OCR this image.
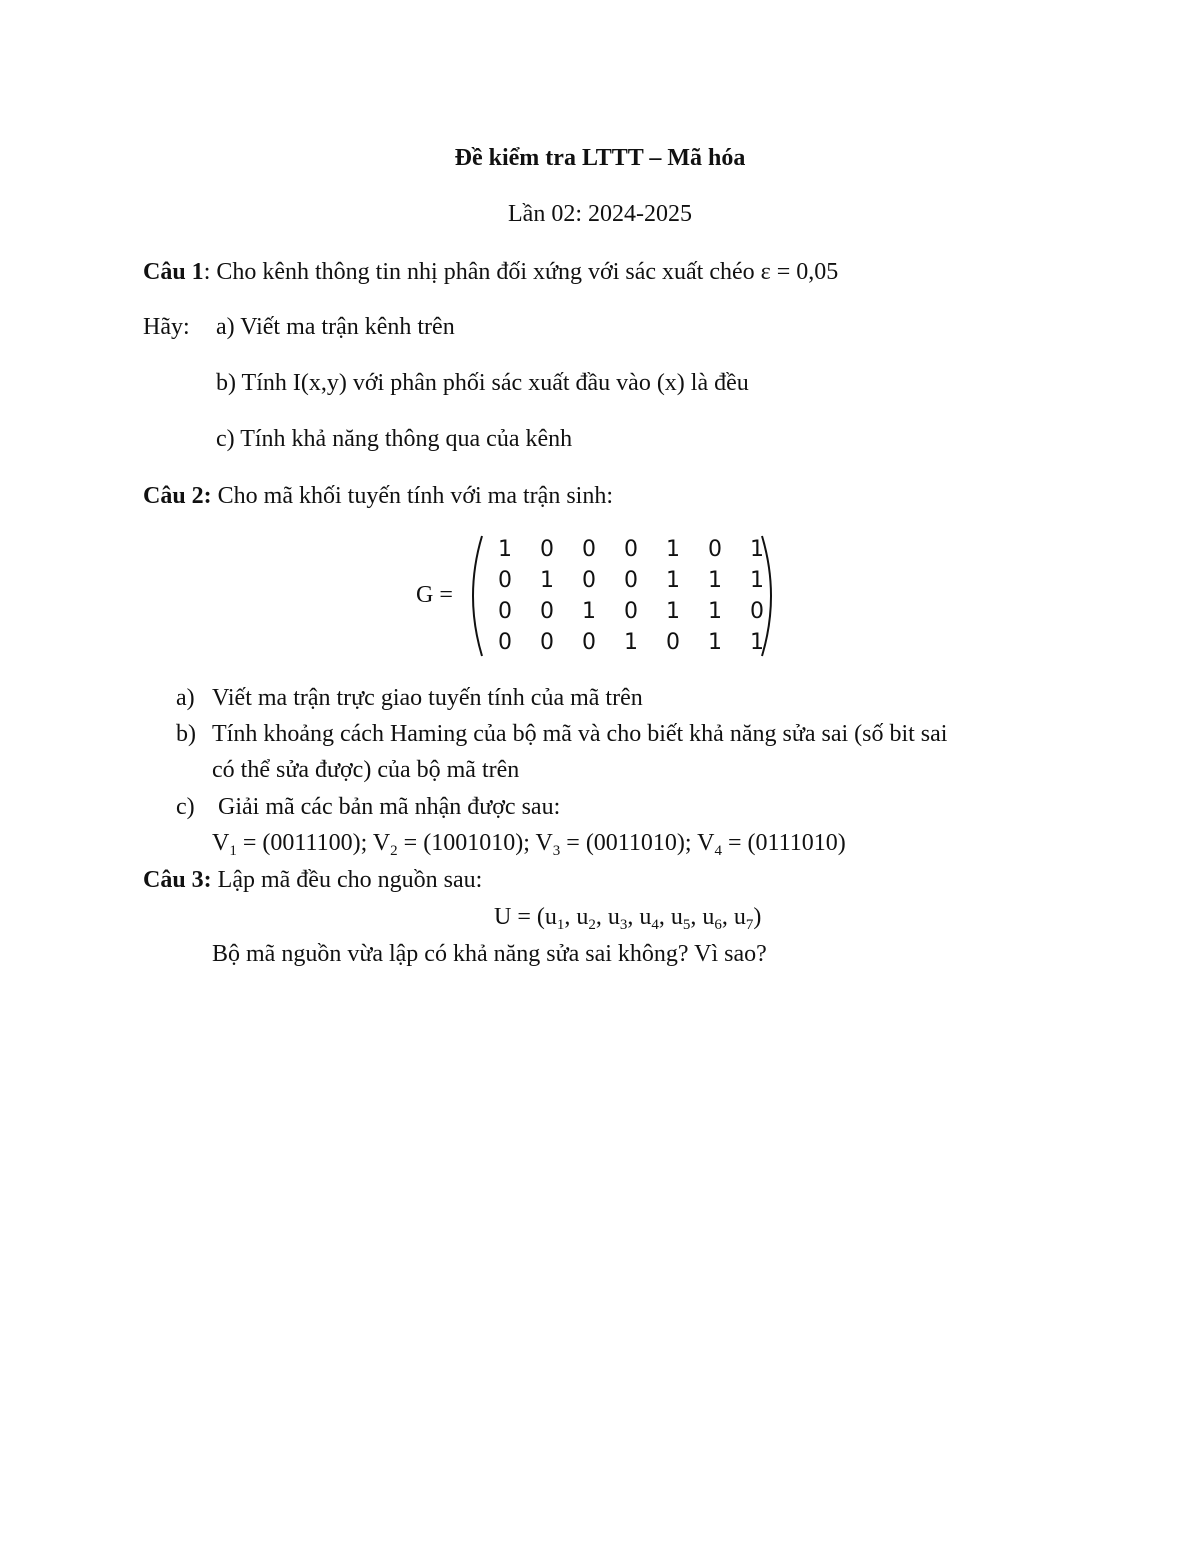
Đề kiểm tra LTTT – Mã hóa
Lần 02: 2024-2025
Câu 1: Cho kênh thông tin nhị phân đối xứng với sác xuất chéo ε = 0,05
Hãy: a) Viết ma trận kênh trên
b) Tính I(x,y) với phân phối sác xuất đầu vào (x) là đều
c) Tính khả năng thông qua của kênh
Câu 2: Cho mã khối tuyến tính với ma trận sinh:
G =
1	0	0	0	1	0	1
0	1	0	0	1	1	1
0	0	1	0	1	1	0
0	0	0	1	0	1	1
a) Viết ma trận trực giao tuyến tính của mã trên
b) Tính khoảng cách Haming của bộ mã và cho biết khả năng sửa sai (số bit sai
có thể sửa được) của bộ mã trên
c) Giải mã các bản mã nhận được sau:
$V_1 = (0011100)$; $V_2 = (1001010)$; $V_3 = (0011010)$; $V_4 = (0111010)$
Câu 3: Lập mã đều cho nguồn sau:
$U = (u_1$, $u_2$, $u_3$, $u_4$, $u_5$, $u_6$, $u_7$)
Bộ mã nguồn vừa lập có khả năng sửa sai không? Vì sao?
